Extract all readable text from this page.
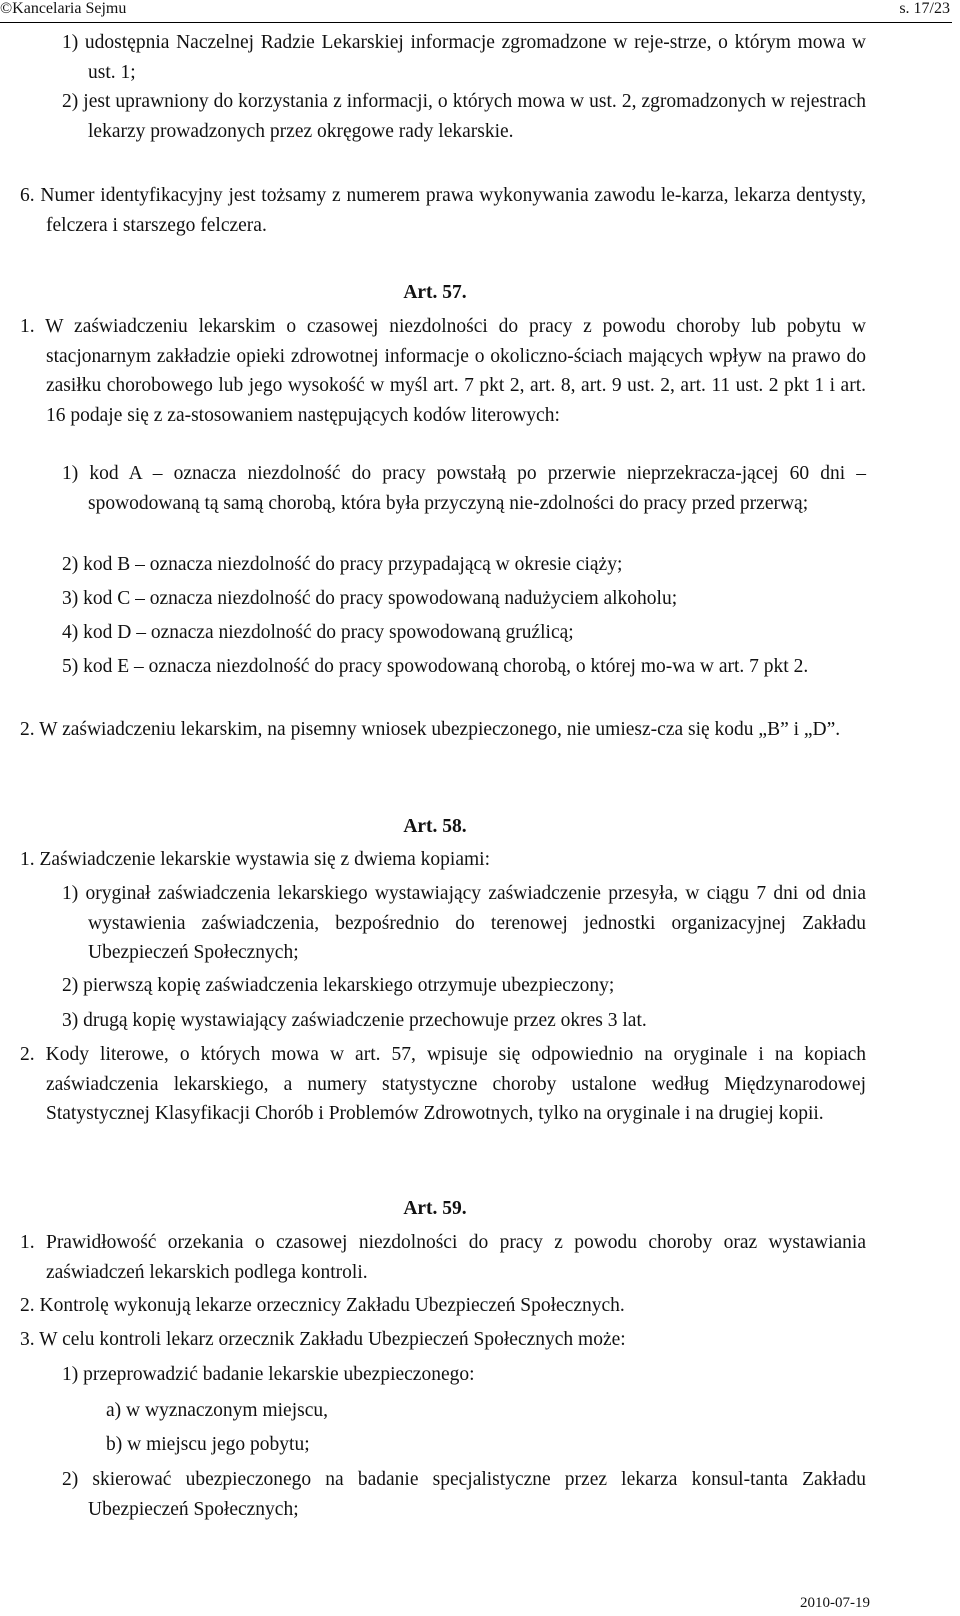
©Kancelaria Sejmu	s. 17/23

1) udostępnia Naczelnej Radzie Lekarskiej informacje zgromadzone w reje-strze, o którym mowa w ust. 1;

2) jest uprawniony do korzystania z informacji, o których mowa w ust. 2, zgromadzonych w rejestrach lekarzy prowadzonych przez okręgowe rady lekarskie.

6. Numer identyfikacyjny jest tożsamy z numerem prawa wykonywania zawodu le-karza, lekarza dentysty, felczera i starszego felczera.

Art. 57.

1. W zaświadczeniu lekarskim o czasowej niezdolności do pracy z powodu choroby lub pobytu w stacjonarnym zakładzie opieki zdrowotnej informacje o okoliczno-ściach mających wpływ na prawo do zasiłku chorobowego lub jego wysokość w myśl art. 7 pkt 2, art. 8, art. 9 ust. 2, art. 11 ust. 2 pkt 1 i art. 16 podaje się z za-stosowaniem następujących kodów literowych:

1) kod A – oznacza niezdolność do pracy powstałą po przerwie nieprzekracza-jącej 60 dni – spowodowaną tą samą chorobą, która była przyczyną nie-zdolności do pracy przed przerwą;

2) kod B – oznacza niezdolność do pracy przypadającą w okresie ciąży;

3) kod C – oznacza niezdolność do pracy spowodowaną nadużyciem alkoholu;

4) kod D – oznacza niezdolność do pracy spowodowaną gruźlicą;

5) kod E – oznacza niezdolność do pracy spowodowaną chorobą, o której mo-wa w art. 7 pkt 2.

2. W zaświadczeniu lekarskim, na pisemny wniosek ubezpieczonego, nie umiesz-cza się kodu „B” i „D”.

Art. 58.

1. Zaświadczenie lekarskie wystawia się z dwiema kopiami:

1) oryginał zaświadczenia lekarskiego wystawiający zaświadczenie przesyła, w ciągu 7 dni od dnia wystawienia zaświadczenia, bezpośrednio do terenowej jednostki organizacyjnej Zakładu Ubezpieczeń Społecznych;

2) pierwszą kopię zaświadczenia lekarskiego otrzymuje ubezpieczony;

3) drugą kopię wystawiający zaświadczenie przechowuje przez okres 3 lat.

2. Kody literowe, o których mowa w art. 57, wpisuje się odpowiednio na oryginale i na kopiach zaświadczenia lekarskiego, a numery statystyczne choroby ustalone według Międzynarodowej Statystycznej Klasyfikacji Chorób i Problemów Zdrowotnych, tylko na oryginale i na drugiej kopii.

Art. 59.

1. Prawidłowość orzekania o czasowej niezdolności do pracy z powodu choroby oraz wystawiania zaświadczeń lekarskich podlega kontroli.

2. Kontrolę wykonują lekarze orzecznicy Zakładu Ubezpieczeń Społecznych.

3. W celu kontroli lekarz orzecznik Zakładu Ubezpieczeń Społecznych może:

1) przeprowadzić badanie lekarskie ubezpieczonego:

a) w wyznaczonym miejscu,

b) w miejscu jego pobytu;

2) skierować ubezpieczonego na badanie specjalistyczne przez lekarza konsul-tanta Zakładu Ubezpieczeń Społecznych;

2010-07-19
